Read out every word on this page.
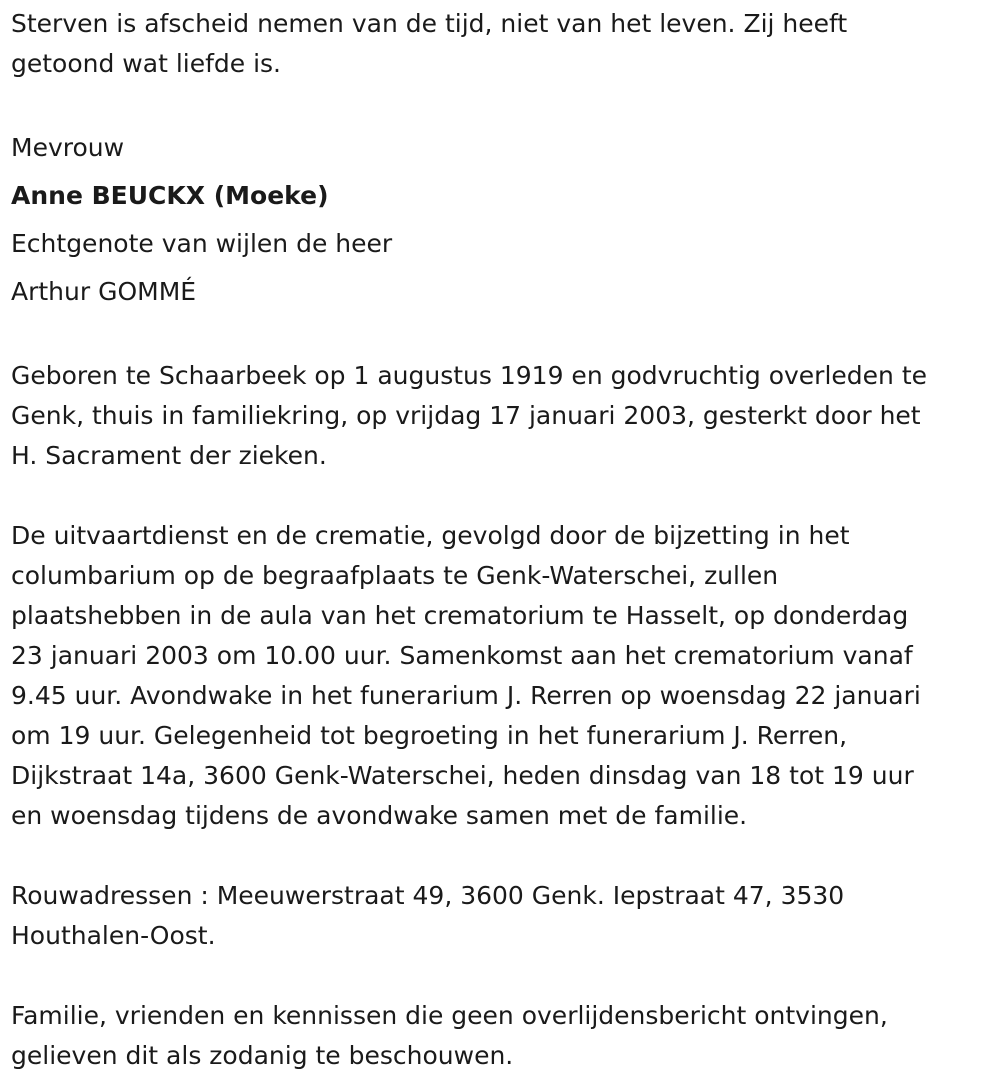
Sterven is afscheid nemen van de tijd, niet van het leven. Zij heeft
getoond wat liefde is.

Mevrouw
Anne BEUCKX (Moeke)
Echtgenote van wijlen de heer
Arthur GOMMÉ

Geboren te Schaarbeek op 1 augustus 1919 en godvruchtig overleden te
Genk, thuis in familiekring, op vrijdag 17 januari 2003, gesterkt door het
H. Sacrament der zieken.

De uitvaartdienst en de crematie, gevolgd door de bijzetting in het
columbarium op de begraafplaats te Genk-Waterschei, zullen
plaatshebben in de aula van het crematorium te Hasselt, op donderdag
23 januari 2003 om 10.00 uur. Samenkomst aan het crematorium vanaf
9.45 uur. Avondwake in het funerarium J. Rerren op woensdag 22 januari
om 19 uur. Gelegenheid tot begroeting in het funerarium J. Rerren,
Dijkstraat 14a, 3600 Genk-Waterschei, heden dinsdag van 18 tot 19 uur
en woensdag tijdens de avondwake samen met de familie.

Rouwadressen : Meeuwerstraat 49, 3600 Genk. Iepstraat 47, 3530
Houthalen-Oost.

Familie, vrienden en kennissen die geen overlijdensbericht ontvingen,
gelieven dit als zodanig te beschouwen.
